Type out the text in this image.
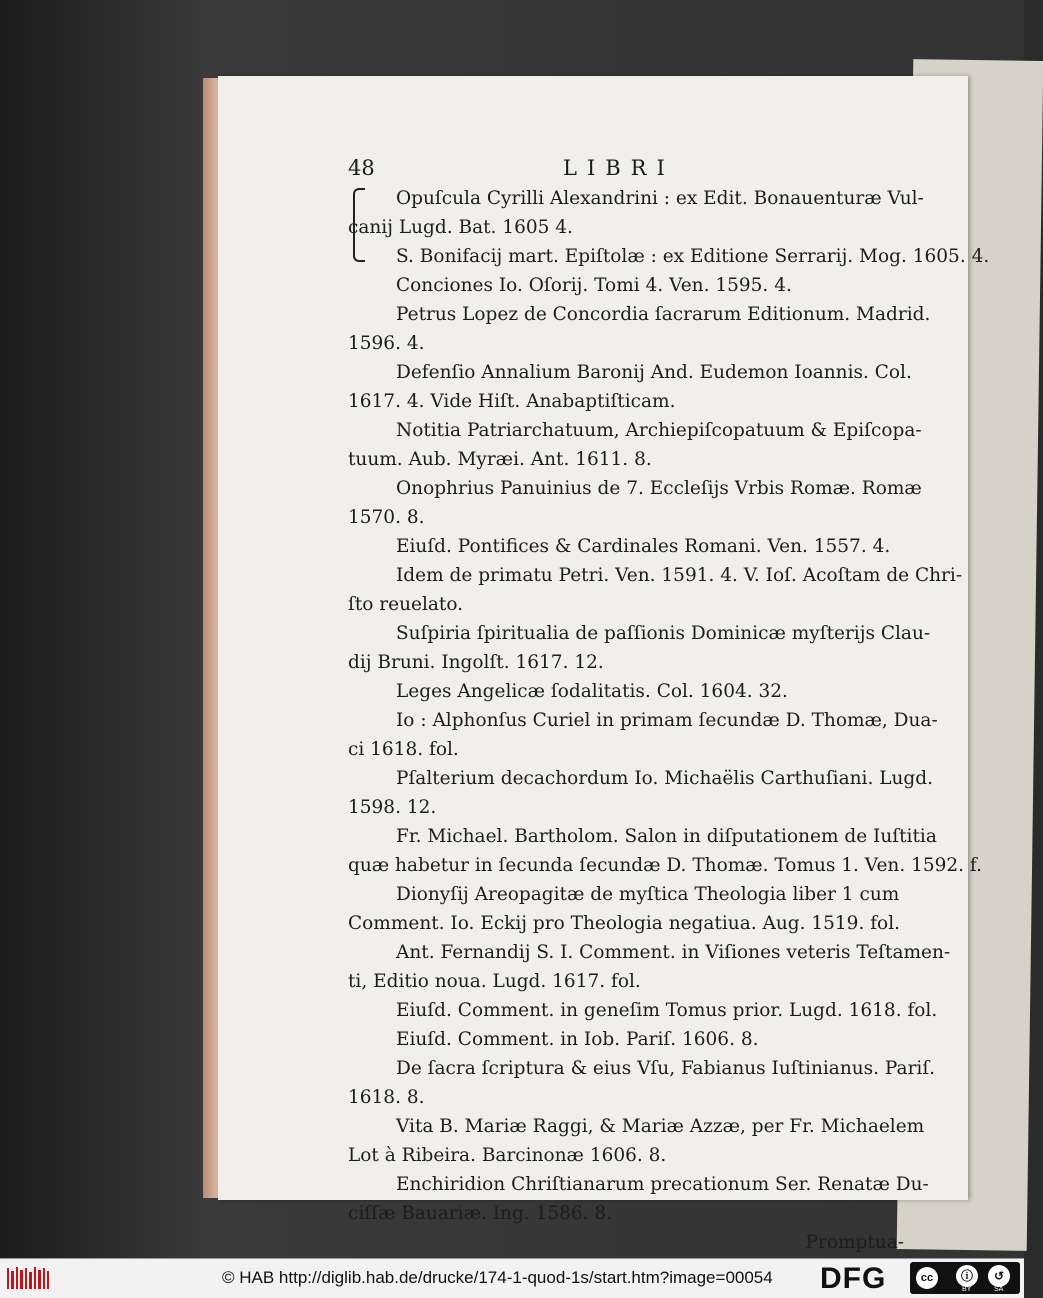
48	LIBRI
Opuſcula Cyrilli Alexandrini : ex Edit. Bonauenturæ Vul-
canij Lugd. Bat. 1605 4.
S. Bonifacij mart. Epiſtolæ : ex Editione Serrarij. Mog. 1605. 4.
Conciones Io. Oſorij. Tomi 4. Ven. 1595. 4.
Petrus Lopez de Concordia ſacrarum Editionum. Madrid.
1596. 4.
Defenſio Annalium Baronij And. Eudemon Ioannis. Col.
1617. 4. Vide Hiſt. Anabaptiſticam.
Notitia Patriarchatuum, Archiepiſcopatuum & Epiſcopa-
tuum. Aub. Myræi. Ant. 1611. 8.
Onophrius Panuinius de 7. Eccleſijs Vrbis Romæ. Romæ
1570. 8.
Eiuſd. Pontifices & Cardinales Romani. Ven. 1557. 4.
Idem de primatu Petri. Ven. 1591. 4. V. Ioſ. Acoſtam de Chri-
ſto reuelato.
Suſpiria ſpiritualia de paſſionis Dominicæ myſterijs Clau-
dij Bruni. Ingolſt. 1617. 12.
Leges Angelicæ ſodalitatis. Col. 1604. 32.
Io : Alphonſus Curiel in primam ſecundæ D. Thomæ, Dua-
ci 1618. fol.
Pſalterium decachordum Io. Michaëlis Carthuſiani. Lugd.
1598. 12.
Fr. Michael. Bartholom. Salon in diſputationem de Iuſtitia
quæ habetur in ſecunda ſecundæ D. Thomæ. Tomus 1. Ven. 1592. f.
Dionyſij Areopagitæ de myſtica Theologia liber 1 cum
Comment. Io. Eckij pro Theologia negatiua. Aug. 1519. fol.
Ant. Fernandij S. I. Comment. in Viſiones veteris Teſtamen-
ti, Editio noua. Lugd. 1617. fol.
Eiuſd. Comment. in geneſim Tomus prior. Lugd. 1618. fol.
Eiuſd. Comment. in Iob. Pariſ. 1606. 8.
De ſacra ſcriptura & eius Vſu, Fabianus Iuſtinianus. Pariſ.
1618. 8.
Vita B. Mariæ Raggi, & Mariæ Azzæ, per Fr. Michaelem
Lot à Ribeira. Barcinonæ 1606. 8.
Enchiridion Chriſtianarum precationum Ser. Renatæ Du-
ciſſæ Bauariæ. Ing. 1586. 8.
Promptua-
© HAB http://diglib.hab.de/drucke/174-1-quod-1s/start.htm?image=00054 DFG	cc	ⓘ
BY
↺
SA
